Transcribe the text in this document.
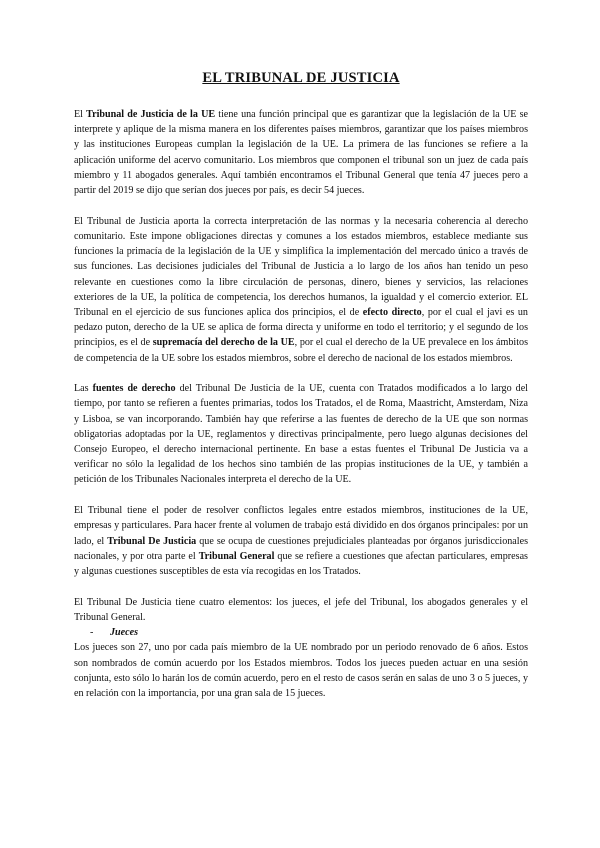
EL TRIBUNAL DE JUSTICIA

El Tribunal de Justicia de la UE tiene una función principal que es garantizar que la legislación de la UE se interprete y aplique de la misma manera en los diferentes países miembros, garantizar que los países miembros y las instituciones Europeas cumplan la legislación de la UE. La primera de las funciones se refiere a la aplicación uniforme del acervo comunitario. Los miembros que componen el tribunal son un juez de cada país miembro y 11 abogados generales. Aquí también encontramos el Tribunal General que tenía 47 jueces pero a partir del 2019 se dijo que serían dos jueces por país, es decir 54 jueces.

El Tribunal de Justicia aporta la correcta interpretación de las normas y la necesaria coherencia al derecho comunitario. Este impone obligaciones directas y comunes a los estados miembros, establece mediante sus funciones la primacía de la legislación de la UE y simplifica la implementación del mercado único a través de sus funciones. Las decisiones judiciales del Tribunal de Justicia a lo largo de los años han tenido un peso relevante en cuestiones como la libre circulación de personas, dinero, bienes y servicios, las relaciones exteriores de la UE, la política de competencia, los derechos humanos, la igualdad y el comercio exterior. EL Tribunal en el ejercicio de sus funciones aplica dos principios, el de efecto directo, por el cual el javi es un pedazo puton, derecho de la UE se aplica de forma directa y uniforme en todo el territorio; y el segundo de los principios, es el de supremacía del derecho de la UE, por el cual el derecho de la UE prevalece en los ámbitos de competencia de la UE sobre los estados miembros, sobre el derecho de nacional de los estados miembros.

Las fuentes de derecho del Tribunal De Justicia de la UE, cuenta con Tratados modificados a lo largo del tiempo, por tanto se refieren a fuentes primarias, todos los Tratados, el de Roma, Maastricht, Amsterdam, Niza y Lisboa, se van incorporando. También hay que referirse a las fuentes de derecho de la UE que son normas obligatorias adoptadas por la UE, reglamentos y directivas principalmente, pero luego algunas decisiones del Consejo Europeo, el derecho internacional pertinente. En base a estas fuentes el Tribunal De Justicia va a verificar no sólo la legalidad de los hechos sino también de las propias instituciones de la UE, y también a petición de los Tribunales Nacionales interpreta el derecho de la UE.

El Tribunal tiene el poder de resolver conflictos legales entre estados miembros, instituciones de la UE, empresas y particulares. Para hacer frente al volumen de trabajo está dividido en dos órganos principales: por un lado, el Tribunal De Justicia que se ocupa de cuestiones prejudiciales planteadas por órganos jurisdiccionales nacionales, y por otra parte el Tribunal General que se refiere a cuestiones que afectan particulares, empresas y algunas cuestiones susceptibles de esta vía recogidas en los Tratados.

El Tribunal De Justicia tiene cuatro elementos: los jueces, el jefe del Tribunal, los abogados generales y el Tribunal General.

- Jueces

Los jueces son 27, uno por cada país miembro de la UE nombrado por un periodo renovado de 6 años. Estos son nombrados de común acuerdo por los Estados miembros. Todos los jueces pueden actuar en una sesión conjunta, esto sólo lo harán los de común acuerdo, pero en el resto de casos serán en salas de uno 3 o 5 jueces, y en relación con la importancia, por una gran sala de 15 jueces.
